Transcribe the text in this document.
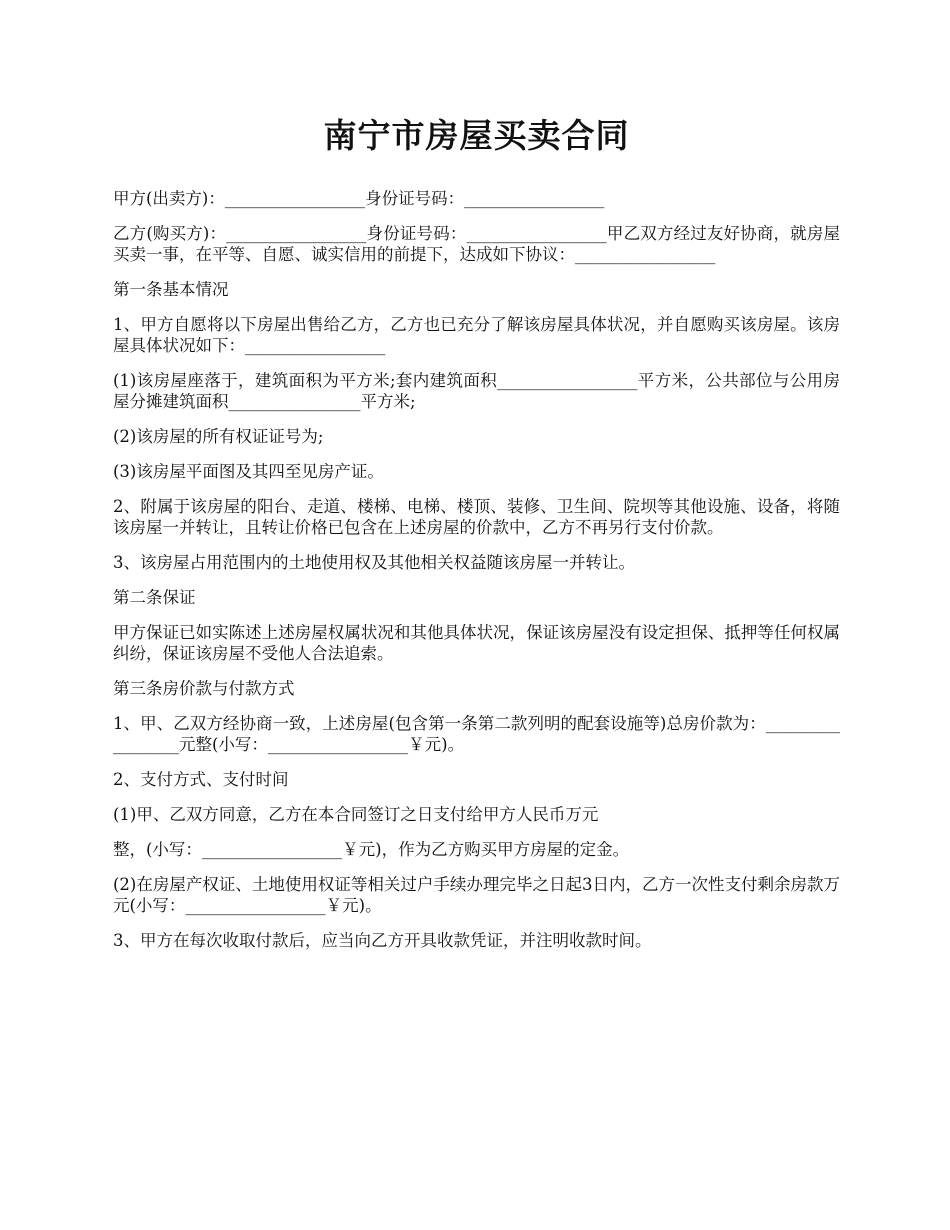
南宁市房屋买卖合同

甲方(出卖方)：_________________身份证号码：_________________

乙方(购买方)：_________________身份证号码：_________________甲乙双方经过友好协商，就房屋买卖一事，在平等、自愿、诚实信用的前提下，达成如下协议：_________________

第一条基本情况

1、甲方自愿将以下房屋出售给乙方，乙方也已充分了解该房屋具体状况，并自愿购买该房屋。该房屋具体状况如下：_________________

(1)该房屋座落于，建筑面积为平方米;套内建筑面积_________________平方米，公共部位与公用房屋分摊建筑面积________________平方米;

(2)该房屋的所有权证证号为;

(3)该房屋平面图及其四至见房产证。

2、附属于该房屋的阳台、走道、楼梯、电梯、楼顶、装修、卫生间、院坝等其他设施、设备，将随该房屋一并转让，且转让价格已包含在上述房屋的价款中，乙方不再另行支付价款。

3、该房屋占用范围内的土地使用权及其他相关权益随该房屋一并转让。

第二条保证

甲方保证已如实陈述上述房屋权属状况和其他具体状况，保证该房屋没有设定担保、抵押等任何权属纠纷，保证该房屋不受他人合法追索。

第三条房价款与付款方式

1、甲、乙双方经协商一致，上述房屋(包含第一条第二款列明的配套设施等)总房价款为：_________________元整(小写：_________________￥元)。

2、支付方式、支付时间

(1)甲、乙双方同意，乙方在本合同签订之日支付给甲方人民币万元

整，(小写：_________________￥元)，作为乙方购买甲方房屋的定金。

(2)在房屋产权证、土地使用权证等相关过户手续办理完毕之日起3日内，乙方一次性支付剩余房款万元(小写：_________________￥元)。

3、甲方在每次收取付款后，应当向乙方开具收款凭证，并注明收款时间。
